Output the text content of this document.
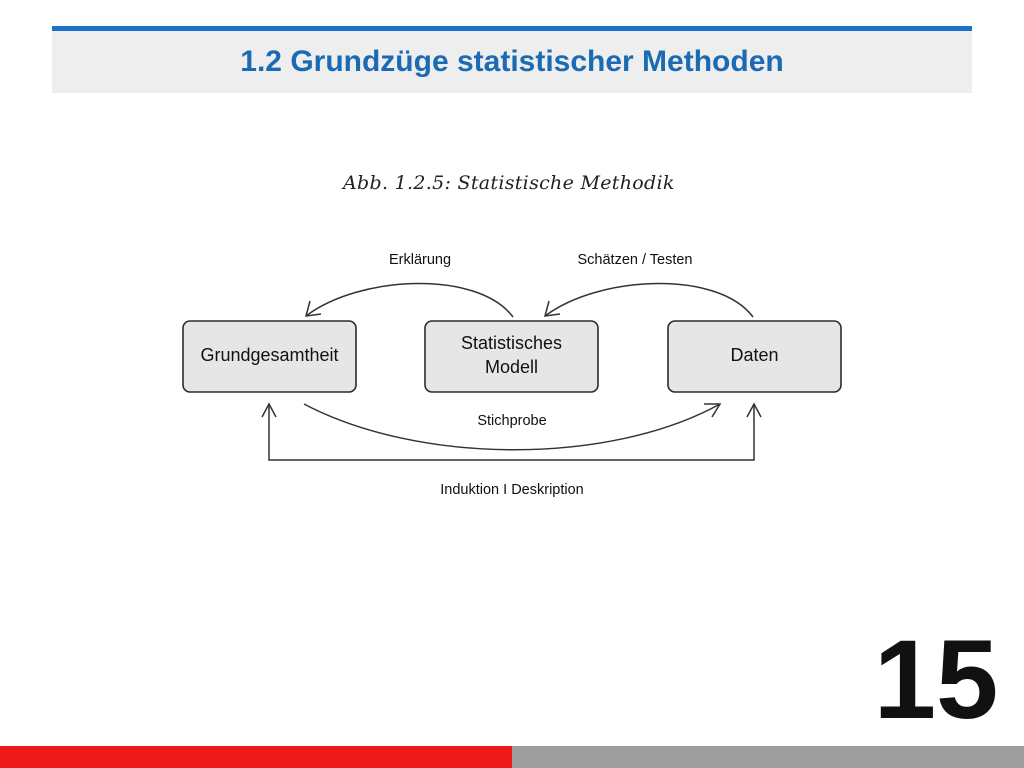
1.2 Grundzüge statistischer Methoden
Abb. 1.2.5: Statistische Methodik
Grundgesamtheit
Statistisches
Modell
Daten
Erklärung	Schätzen / Testen
Stichprobe
Induktion I Deskription
15
